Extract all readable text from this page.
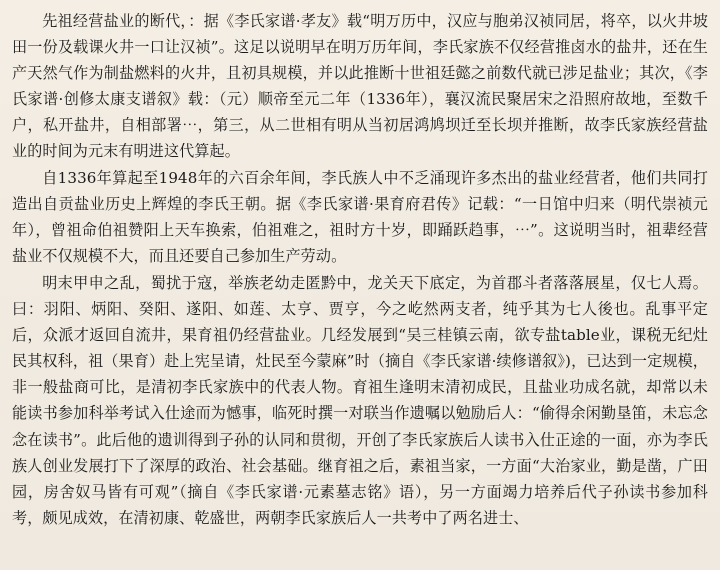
先祖经营盐业的断代，：据《李氏家谱·孝友》载“明万历中，汉应与胞弟汉祯同居，将卒，以火井坡田一份及载课火井一口让汉祯”。这足以说明早在明万历年间，李氏家族不仅经营推卤水的盐井，还在生产天然气作为制盐燃料的火井，且初具规模，并以此推断十世祖廷懿之前数代就已涉足盐业；其次，《李氏家谱·创修太康支谱叙》载：（元）顺帝至元二年（1336年），襄汉流民聚居宋之沿照府故地，至数千户，私开盐井，自相部署⋯，第三，从二世相有明从当初居鸿鸠坝迁至长坝并推断，故李氏家族经营盐业的时间为元末有明进这代算起。

自1336年算起至1948年的六百余年间，李氏族人中不乏涌现许多杰出的盐业经营者，他们共同打造出自贡盐业历史上辉煌的李氏王朝。据《李氏家谱·果育府君传》记载：“一日馆中归来（明代崇祯元年），曾祖命伯祖赞阳上天车换索，伯祖难之，祖时方十岁，即踊跃趋事，⋯”。这说明当时，祖辈经营盐业不仅规模不大，而且还要自己参加生产劳动。

明末甲申之乱，蜀扰于寇，举族老幼走匿黔中，龙关天下底定，为首郡斗者落落展星，仅七人焉。曰：羽阳、炳阳、癸阳、遂阳、如莲、太亨、贾亨，今之屹然两支者，纯乎其为七人後也。乱事平定后，众派才返回自流井，果育祖仍经营盐业。几经发展到“吴三桂镇云南，欲专盐table业，课税无纪灶民其权科，祖（果育）赴上宪呈请，灶民至今蒙麻”时（摘自《李氏家谱·续修谱叙》)，已达到一定规模，非一般盐商可比，是清初李氏家族中的代表人物。育祖生逢明末清初成民，且盐业功成名就，却常以未能读书参加科举考试入仕途而为憾事，临死时撰一对联当作遗嘱以勉励后人：“偷得余闲勤垦笛，未忘念念在读书”。此后他的遗训得到子孙的认同和贯彻，开创了李氏家族后人读书入仕正途的一面，亦为李氏族人创业发展打下了深厚的政治、社会基础。继育祖之后，素祖当家，一方面“大治家业，勤是凿，广田园，房舍奴马皆有可观”（摘自《李氏家谱·元素墓志铭》语），另一方面竭力培养后代子孙读书参加科考，颇见成效，在清初康、乾盛世，两朝李氏家族后人一共考中了两名进士、
